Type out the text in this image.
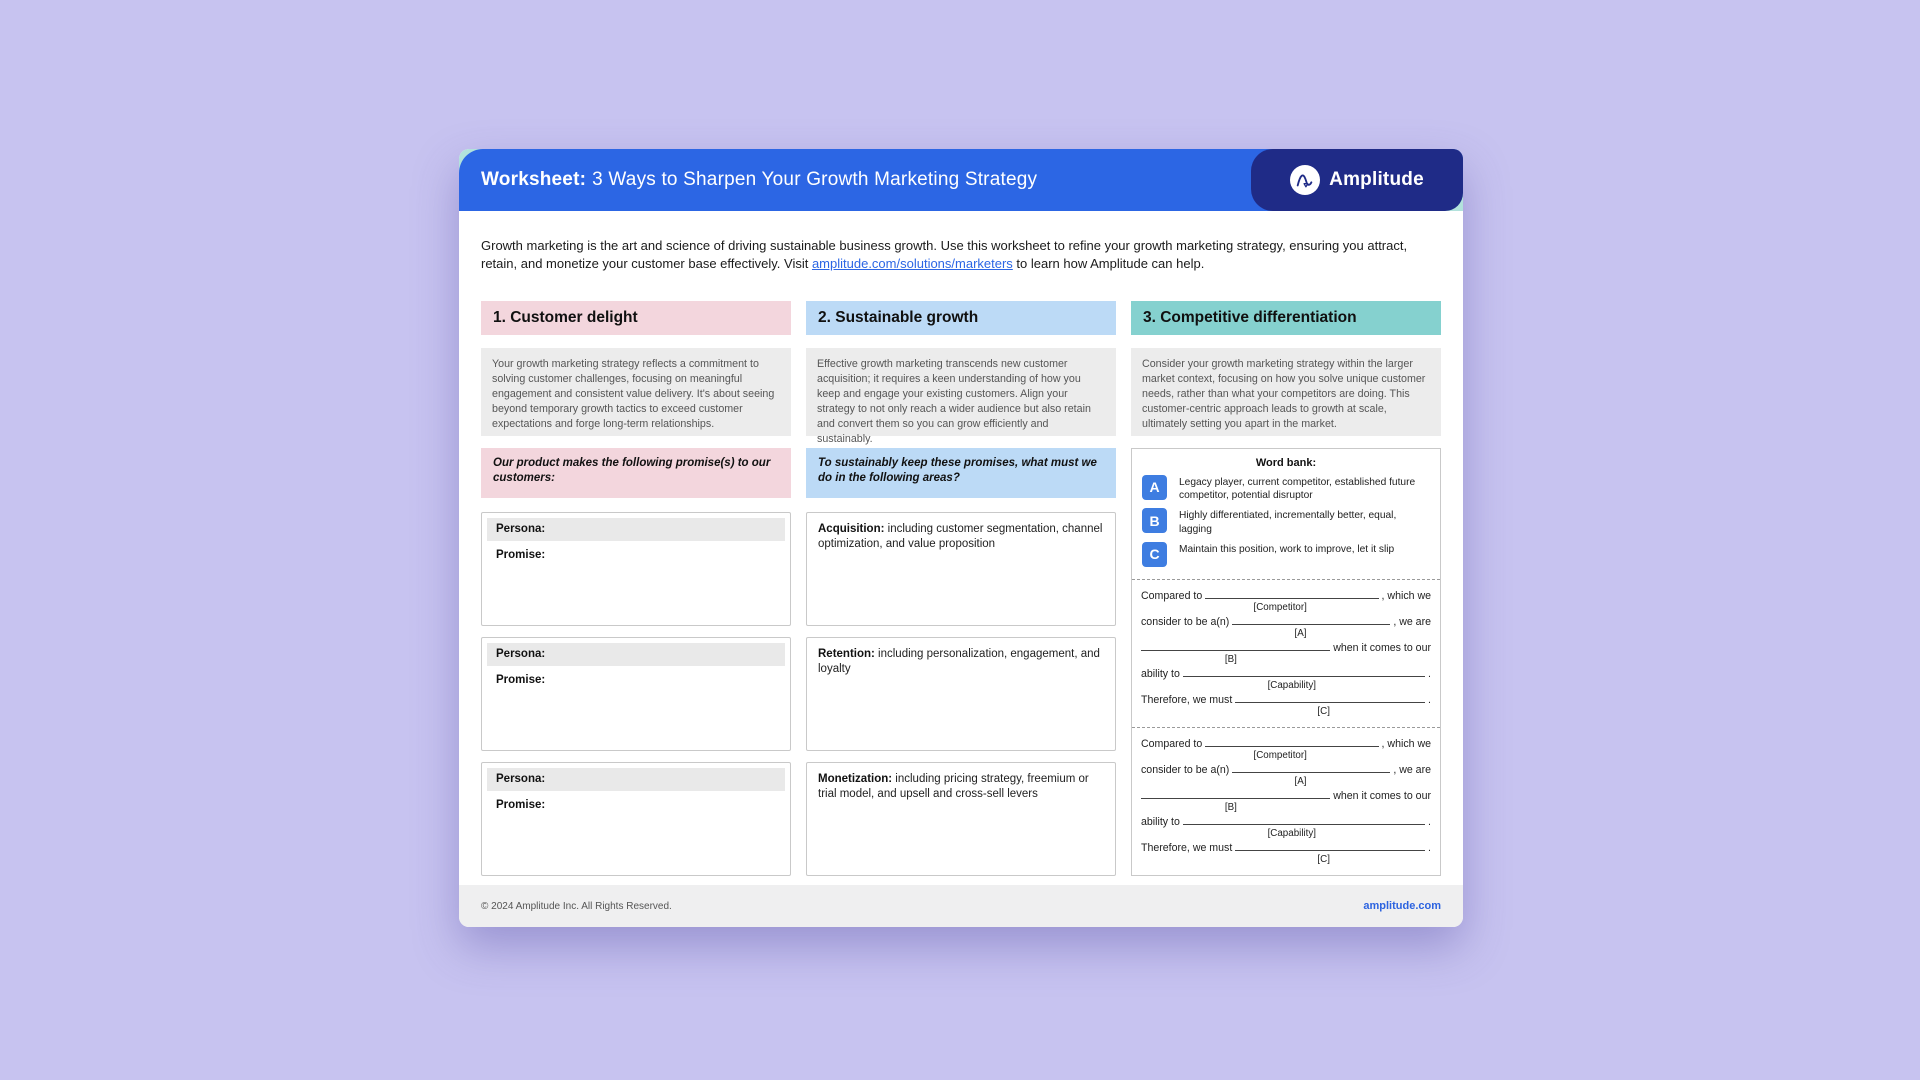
Worksheet: 3 Ways to Sharpen Your Growth Marketing Strategy	Amplitude

Growth marketing is the art and science of driving sustainable business growth. Use this worksheet to refine your growth marketing strategy, ensuring you attract, retain, and monetize your customer base effectively. Visit amplitude.com/solutions/marketers to learn how Amplitude can help.

1. Customer delight
Your growth marketing strategy reflects a commitment to solving customer challenges, focusing on meaningful engagement and consistent value delivery. It's about seeing beyond temporary growth tactics to exceed customer expectations and forge long-term relationships.
Our product makes the following promise(s) to our customers:
Persona:
Promise:
Persona:
Promise:
Persona:
Promise:
2. Sustainable growth
Effective growth marketing transcends new customer acquisition; it requires a keen understanding of how you keep and engage your existing customers. Align your strategy to not only reach a wider audience but also retain and convert them so you can grow efficiently and sustainably.
To sustainably keep these promises, what must we do in the following areas?
Acquisition: including customer segmentation, channel optimization, and value proposition
Retention: including personalization, engagement, and loyalty
Monetization: including pricing strategy, freemium or trial model, and upsell and cross-sell levers
3. Competitive differentiation
Consider your growth marketing strategy within the larger market context, focusing on how you solve unique customer needs, rather than what your competitors are doing. This customer-centric approach leads to growth at scale, ultimately setting you apart in the market.
Word bank:
A	Legacy player, current competitor, established future competitor, potential disruptor
B	Highly differentiated, incrementally better, equal, lagging
C	Maintain this position, work to improve, let it slip
Compared to	, which we
[Competitor]
consider to be a(n)	, we are
[A]
when it comes to our
[B]
ability to	.
[Capability]
Therefore, we must	.
[C]
Compared to	, which we
[Competitor]
consider to be a(n)	, we are
[A]
when it comes to our
[B]
ability to	.
[Capability]
Therefore, we must	.
[C]
© 2024 Amplitude Inc. All Rights Reserved.	amplitude.com
